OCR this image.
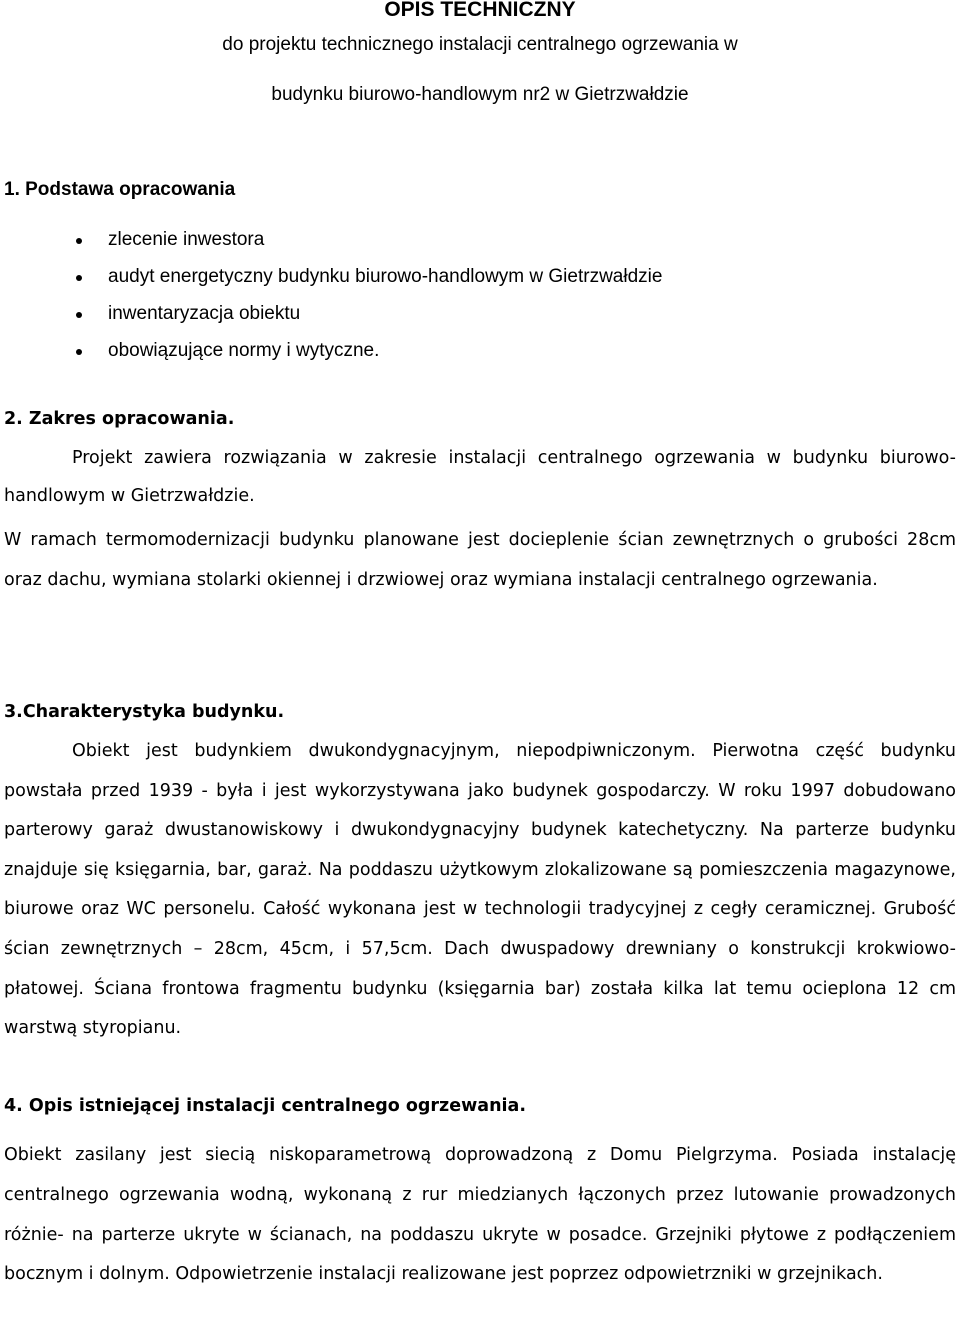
OPIS TECHNICZNY
do projektu technicznego instalacji centralnego ogrzewania w
budynku biurowo-handlowym nr2 w Gietrzwałdzie
1. Podstawa opracowania
zlecenie inwestora
audyt energetyczny budynku biurowo-handlowym w Gietrzwałdzie
inwentaryzacja obiektu
obowiązujące normy i wytyczne.
2. Zakres opracowania.

Projekt zawiera rozwiązania w zakresie instalacji centralnego ogrzewania w budynku biurowo- handlowym w Gietrzwałdzie.

W ramach termomodernizacji budynku planowane jest docieplenie ścian zewnętrznych o grubości 28cm oraz dachu, wymiana stolarki okiennej i drzwiowej oraz wymiana instalacji centralnego ogrzewania.

3.Charakterystyka budynku.

Obiekt jest budynkiem dwukondygnacyjnym, niepodpiwniczonym. Pierwotna część budynku powstała przed 1939 - była i jest wykorzystywana jako budynek gospodarczy. W roku 1997 dobudowano parterowy garaż dwustanowiskowy i dwukondygnacyjny budynek katechetyczny. Na parterze budynku znajduje się księgarnia, bar, garaż. Na poddaszu użytkowym zlokalizowane są pomieszczenia magazynowe, biurowe oraz WC personelu. Całość wykonana jest w technologii tradycyjnej z cegły ceramicznej. Grubość ścian zewnętrznych – 28cm, 45cm, i 57,5cm. Dach dwuspadowy drewniany o konstrukcji krokwiowo- płatowej. Ściana frontowa fragmentu budynku (księgarnia bar) została kilka lat temu ocieplona 12 cm warstwą styropianu.

4. Opis istniejącej instalacji centralnego ogrzewania.

Obiekt zasilany jest siecią niskoparametrową doprowadzoną z Domu Pielgrzyma. Posiada instalację centralnego ogrzewania wodną, wykonaną z rur miedzianych łączonych przez lutowanie prowadzonych różnie- na parterze ukryte w ścianach, na poddaszu ukryte w posadce. Grzejniki płytowe z podłączeniem bocznym i dolnym. Odpowietrzenie instalacji realizowane jest poprzez odpowietrzniki w grzejnikach.
